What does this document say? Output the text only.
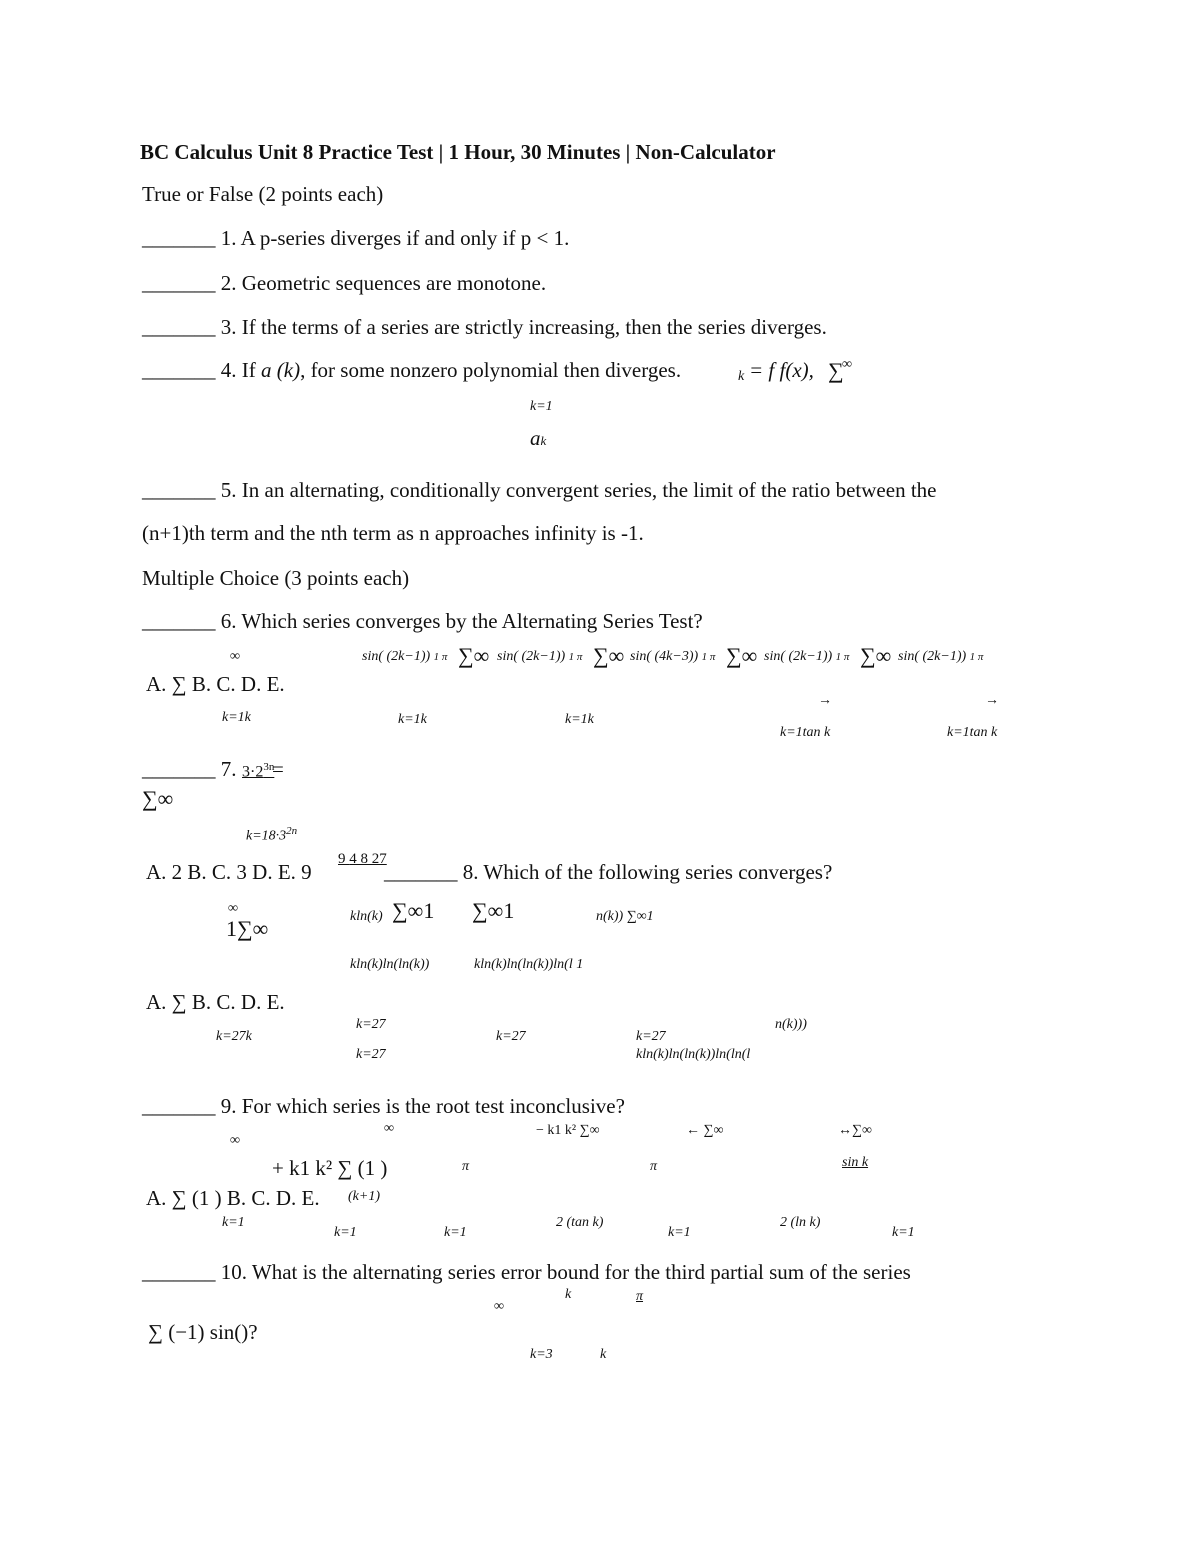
BC Calculus Unit 8 Practice Test | 1 Hour, 30 Minutes | Non-Calculator
True or False (2 points each)
_______ 1. A p-series diverges if and only if p < 1.
_______ 2. Geometric sequences are monotone.
_______ 3. If the terms of a series are strictly increasing, then the series diverges.
_______ 4. If a (k), for some nonzero polynomial then diverges.	k = f f(x), ∑
∞
k=1
ak
_______ 5. In an alternating, conditionally convergent series, the limit of the ratio between the
(n+1)th term and the nth term as n approaches infinity is -1.
Multiple Choice (3 points each)
_______ 6. Which series converges by the Alternating Series Test?
∞	sin( (2k−1)) 1 π ∑∞ sin( (2k−1)) 1 π ∑∞ sin( (4k−3)) 1 π ∑∞ sin( (2k−1)) 1 π ∑∞ sin( (2k−1)) 1 π
A. ∑ B. C. D. E.
→
→
k=1k	k=1k	k=1k
k=1tan k	k=1tan k
_______ 7. $3\cdot 2^{3n}$
=
∑∞
$k=18\cdot 3^{2n}$
A. 2 B. C. 3 D. E. 9
9 4 8 27
_______ 8. Which of the following series converges?
∞
1∑∞	kln(k) ∑∞1 ∑∞1	n(k)) ∑∞1
kln(k)ln(ln(k))	kln(k)ln(ln(k))ln(l 1
A. ∑ B. C. D. E.
k=27k
k=27
k=27
k=27	k=27
n(k)))
kln(k)ln(ln(k))ln(ln(l
_______ 9. For which series is the root test inconclusive?
∞
∞	− k1 k² ∑∞	← ∑∞	↔∑∞
+ k1 k² ∑ (1 )	π	π	sin k
A. ∑ (1 ) B. C. D. E. (k+1)
k=1
k=1	k=1
2 (tan k)
k=1
2 (ln k)
k=1
_______ 10. What is the alternating series error bound for the third partial sum of the series
k	π
∞
∑ (−1) sin()?
k=3	k
